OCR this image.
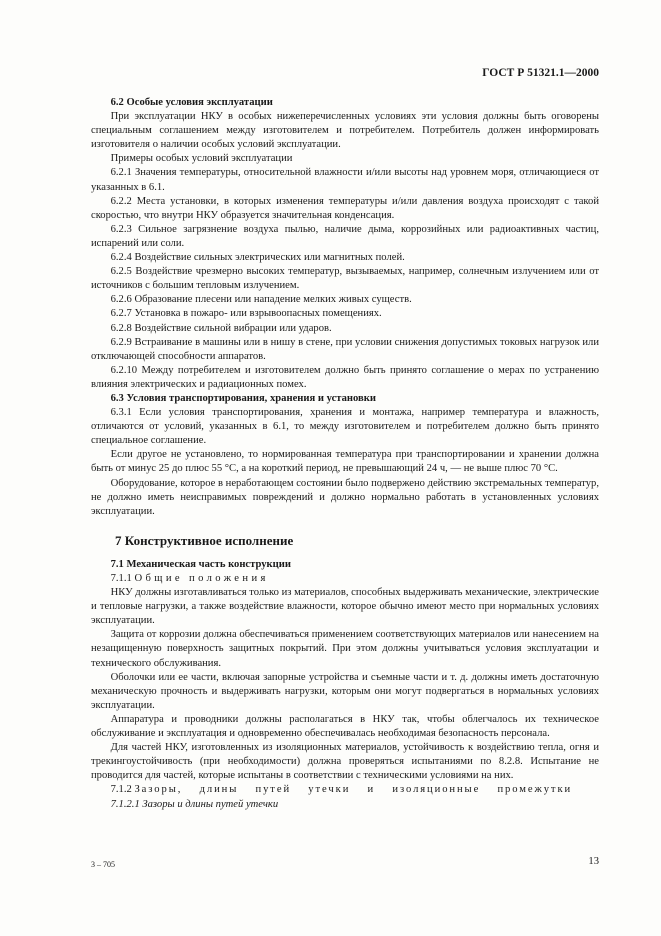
ГОСТ Р 51321.1—2000

6.2 Особые условия эксплуатации

При эксплуатации НКУ в особых нижеперечисленных условиях эти условия должны быть оговорены специальным соглашением между изготовителем и потребителем. Потребитель должен информировать изготовителя о наличии особых условий эксплуатации.

Примеры особых условий эксплуатации

6.2.1 Значения температуры, относительной влажности и/или высоты над уровнем моря, отличающиеся от указанных в 6.1.

6.2.2 Места установки, в которых изменения температуры и/или давления воздуха происходят с такой скоростью, что внутри НКУ образуется значительная конденсация.

6.2.3 Сильное загрязнение воздуха пылью, наличие дыма, коррозийных или радиоактивных частиц, испарений или соли.

6.2.4 Воздействие сильных электрических или магнитных полей.

6.2.5 Воздействие чрезмерно высоких температур, вызываемых, например, солнечным излучением или от источников с большим тепловым излучением.

6.2.6 Образование плесени или нападение мелких живых существ.

6.2.7 Установка в пожаро- или взрывоопасных помещениях.

6.2.8 Воздействие сильной вибрации или ударов.

6.2.9 Встраивание в машины или в нишу в стене, при условии снижения допустимых токовых нагрузок или отключающей способности аппаратов.

6.2.10 Между потребителем и изготовителем должно быть принято соглашение о мерах по устранению влияния электрических и радиационных помех.

6.3 Условия транспортирования, хранения и установки

6.3.1 Если условия транспортирования, хранения и монтажа, например температура и влажность, отличаются от условий, указанных в 6.1, то между изготовителем и потребителем должно быть принято специальное соглашение.

Если другое не установлено, то нормированная температура при транспортировании и хранении должна быть от минус 25 до плюс 55 °С, а на короткий период, не превышающий 24 ч, — не выше плюс 70 °С.

Оборудование, которое в нерaботающем состоянии было подвержено действию экстремальных температур, не должно иметь неисправимых повреждений и должно нормально работать в установленных условиях эксплуатации.

7 Конструктивное исполнение

7.1 Механическая часть конструкции

7.1.1 Общие положения

НКУ должны изготавливаться только из материалов, способных выдерживать механические, электрические и тепловые нагрузки, а также воздействие влажности, которое обычно имеют место при нормальных условиях эксплуатации.

Защита от коррозии должна обеспечиваться применением соответствующих материалов или нанесением на незащищенную поверхность защитных покрытий. При этом должны учитываться условия эксплуатации и технического обслуживания.

Оболочки или ее части, включая запорные устройства и съемные части и т. д. должны иметь достаточную механическую прочность и выдерживать нагрузки, которым они могут подвергаться в нормальных условиях эксплуатации.

Аппаратура и проводники должны располагаться в НКУ так, чтобы облегчалось их техническое обслуживание и эксплуатация и одновременно обеспечивалась необходимая безопасность персонала.

Для частей НКУ, изготовленных из изоляционных материалов, устойчивость к воздействию тепла, огня и трекингоустойчивость (при необходимости) должна проверяться испытаниями по 8.2.8. Испытание не проводится для частей, которые испытаны в соответствии с техническими условиями на них.

7.1.2 Зазоры, длины путей утечки и изоляционные промежутки

7.1.2.1 Зазоры и длины путей утечки

3 – 705	13
